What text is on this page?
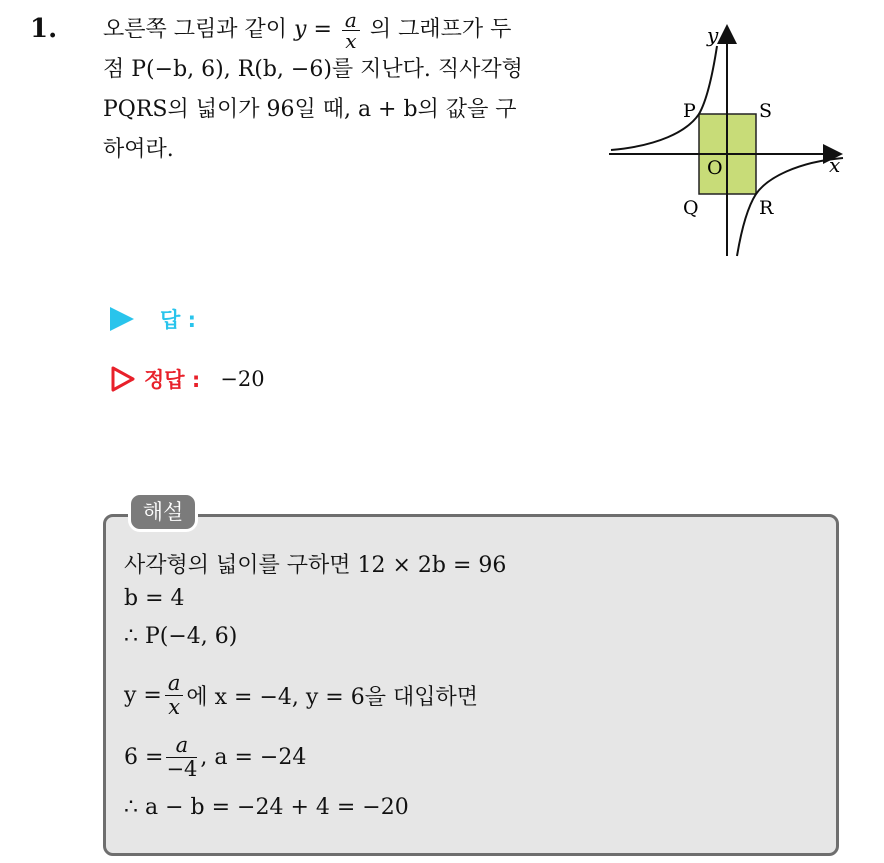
1. 오른쪽 그림과 같이 $y = \frac{a}{x}$ 의 그래프가 두
점 P(−b, 6), R(b, −6)를 지난다. 직사각형
PQRS의 넓이가 96일 때, a + b의 값을 구
하여라.
y
x
P	S
O
Q	R
답 :
정답 : −20
해설
사각형의 넓이를 구하면 12 × 2b = 96
b = 4
∴ P(−4, 6)
$y = \frac{a}{x}$ 에 x = −4, y = 6을 대입하면
$6 = \frac{a}{-4}$ , a = −24
∴ a − b = −24 + 4 = −20
